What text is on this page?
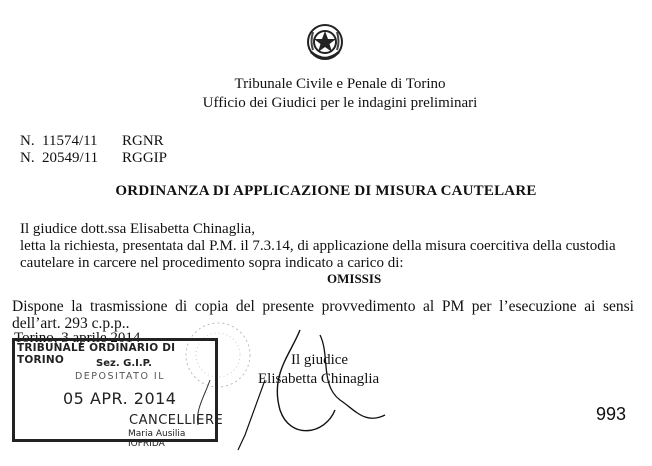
Tribunale Civile e Penale di Torino
Ufficio dei Giudici per le indagini preliminari
N. 11574/11 RGNR
N. 20549/11 RGGIP
ORDINANZA DI APPLICAZIONE DI MISURA CAUTELARE
Il giudice dott.ssa Elisabetta Chinaglia,
letta la richiesta, presentata dal P.M. il 7.3.14, di applicazione della misura coercitiva della custodia
cautelare in carcere nel procedimento sopra indicato a carico di:
OMISSIS
Dispone la trasmissione di copia del presente provvedimento al PM per l’esecuzione ai sensi
dell’art. 293 c.p.p..
Torino, 3 aprile 2014
TRIBUNALE ORDINARIO DI TORINO	Sez. G.I.P.
DEPOSITATO IL
05 APR. 2014
CANCELLIERE
Maria Ausilia IOFRIDA
Il giudice
Elisabetta Chinaglia
993
